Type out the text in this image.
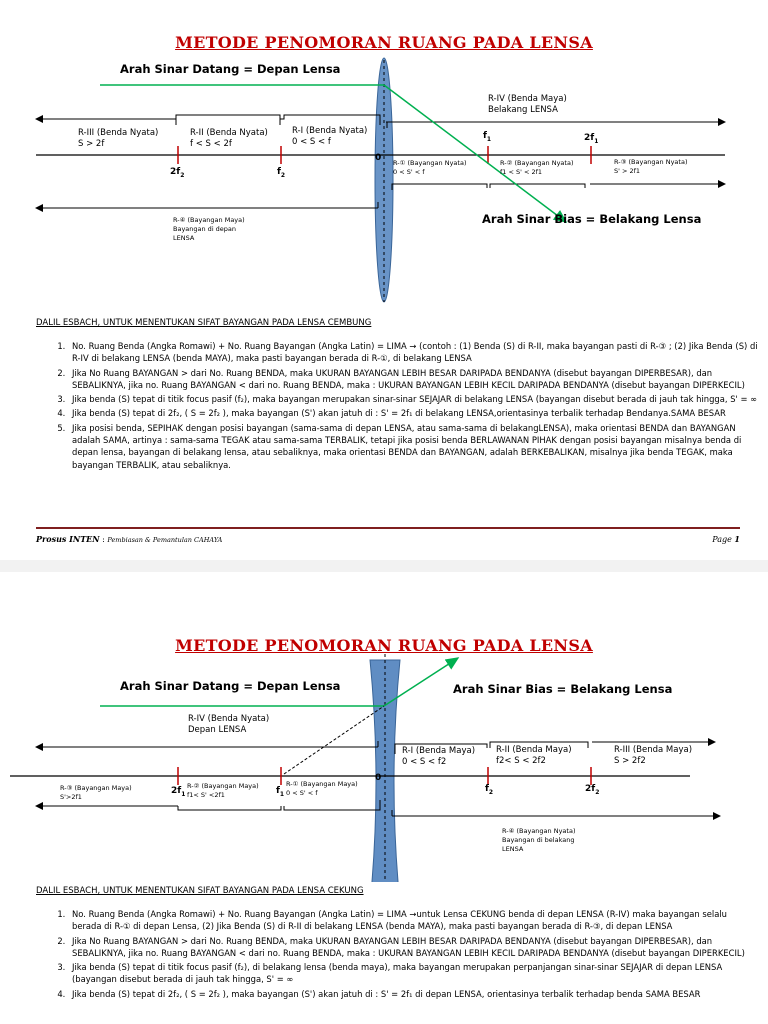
METODE PENOMORAN RUANG PADA LENSA
Arah Sinar Datang = Depan Lensa
Arah Sinar Bias = Belakang Lensa
R-III (Benda Nyata)
S > 2f
R-II (Benda Nyata)
f < S < 2f
R-I (Benda Nyata)
0 < S < f
R-IV (Benda Maya)
Belakang LENSA
$f_1$	$2f_1$
$2f_2$	$f_2$
0 R-① (Bayangan Nyata)
0 < S' < f
R-② (Bayangan Nyata)
f1 < S' < 2f1
R-③ (Bayangan Nyata)
S' > 2f1
R-④ (Bayangan Maya)
Bayangan di depan
LENSA
DALIL ESBACH, UNTUK MENENTUKAN SIFAT BAYANGAN PADA LENSA CEMBUNG
1. No. Ruang Benda (Angka Romawi) + No. Ruang Bayangan (Angka Latin) = LIMA → (contoh : (1) Benda (S) di R-II, maka bayangan pasti di R-③ ; (2) Jika Benda (S) di R-IV di belakang LENSA (benda MAYA), maka pasti bayangan berada di R-①, di belakang LENSA
2. Jika No Ruang BAYANGAN > dari No. Ruang BENDA, maka UKURAN BAYANGAN LEBIH BESAR DARIPADA BENDANYA (disebut bayangan DIPERBESAR), dan SEBALIKNYA, jika no. Ruang BAYANGAN < dari no. Ruang BENDA, maka : UKURAN BAYANGAN LEBIH KECIL DARIPADA BENDANYA (disebut bayangan DIPERKECIL)
3. Jika benda (S) tepat di titik focus pasif (f₂), maka bayangan merupakan sinar-sinar SEJAJAR di belakang LENSA (bayangan disebut berada di jauh tak hingga, S' = ∞
4. Jika benda (S) tepat di 2f₂, ( S = 2f₂ ), maka bayangan (S') akan jatuh di : S' = 2f₁ di belakang LENSA,orientasinya terbalik terhadap Bendanya.SAMA BESAR
5. Jika posisi benda, SEPIHAK dengan posisi bayangan (sama-sama di depan LENSA, atau sama-sama di belakangLENSA), maka orientasi BENDA dan BAYANGAN adalah SAMA, artinya : sama-sama TEGAK atau sama-sama TERBALIK, tetapi jika posisi benda BERLAWANAN PIHAK dengan posisi bayangan misalnya benda di depan lensa, bayangan di belakang lensa, atau sebaliknya, maka orientasi BENDA dan BAYANGAN, adalah BERKEBALIKAN, misalnya jika benda TEGAK, maka bayangan TERBALIK, atau sebaliknya.
Prosus INTEN : Pembiasan & Pemantulan CAHAYA	Page 1
METODE PENOMORAN RUANG PADA LENSA
Arah Sinar Datang = Depan Lensa	Arah Sinar Bias = Belakang Lensa
R-IV (Benda Nyata)
Depan LENSA
R-I (Benda Maya)
0 < S < f2
R-II (Benda Maya)
f2< S < 2f2
R-III (Benda Maya)
S > 2f2
R-③ (Bayangan Maya)
S'>2f1
R-② (Bayangan Maya)
f1< S' <2f1
R-① (Bayangan Maya)
0 < S' < f
R-④ (Bayangan Nyata)
Bayangan di belakang
LENSA
$2f_1$	$f_1$
$f_2$	$2f_2$
0
DALIL ESBACH, UNTUK MENENTUKAN SIFAT BAYANGAN PADA LENSA CEKUNG
1. No. Ruang Benda (Angka Romawi) + No. Ruang Bayangan (Angka Latin) = LIMA →untuk Lensa CEKUNG benda di depan LENSA (R-IV) maka bayangan selalu berada di R-① di depan Lensa, (2) Jika Benda (S) di R-II di belakang LENSA (benda MAYA), maka pasti bayangan berada di R-③, di depan LENSA
2. Jika No Ruang BAYANGAN > dari No. Ruang BENDA, maka UKURAN BAYANGAN LEBIH BESAR DARIPADA BENDANYA (disebut bayangan DIPERBESAR), dan SEBALIKNYA, jika no. Ruang BAYANGAN < dari no. Ruang BENDA, maka : UKURAN BAYANGAN LEBIH KECIL DARIPADA BENDANYA (disebut bayangan DIPERKECIL)
3. Jika benda (S) tepat di titik focus pasif (f₂), di belakang lensa (benda maya), maka bayangan merupakan perpanjangan sinar-sinar SEJAJAR di depan LENSA (bayangan disebut berada di jauh tak hingga, S' = ∞
4. Jika benda (S) tepat di 2f₂, ( S = 2f₂ ), maka bayangan (S') akan jatuh di : S' = 2f₁ di depan LENSA, orientasinya terbalik terhadap benda SAMA BESAR
